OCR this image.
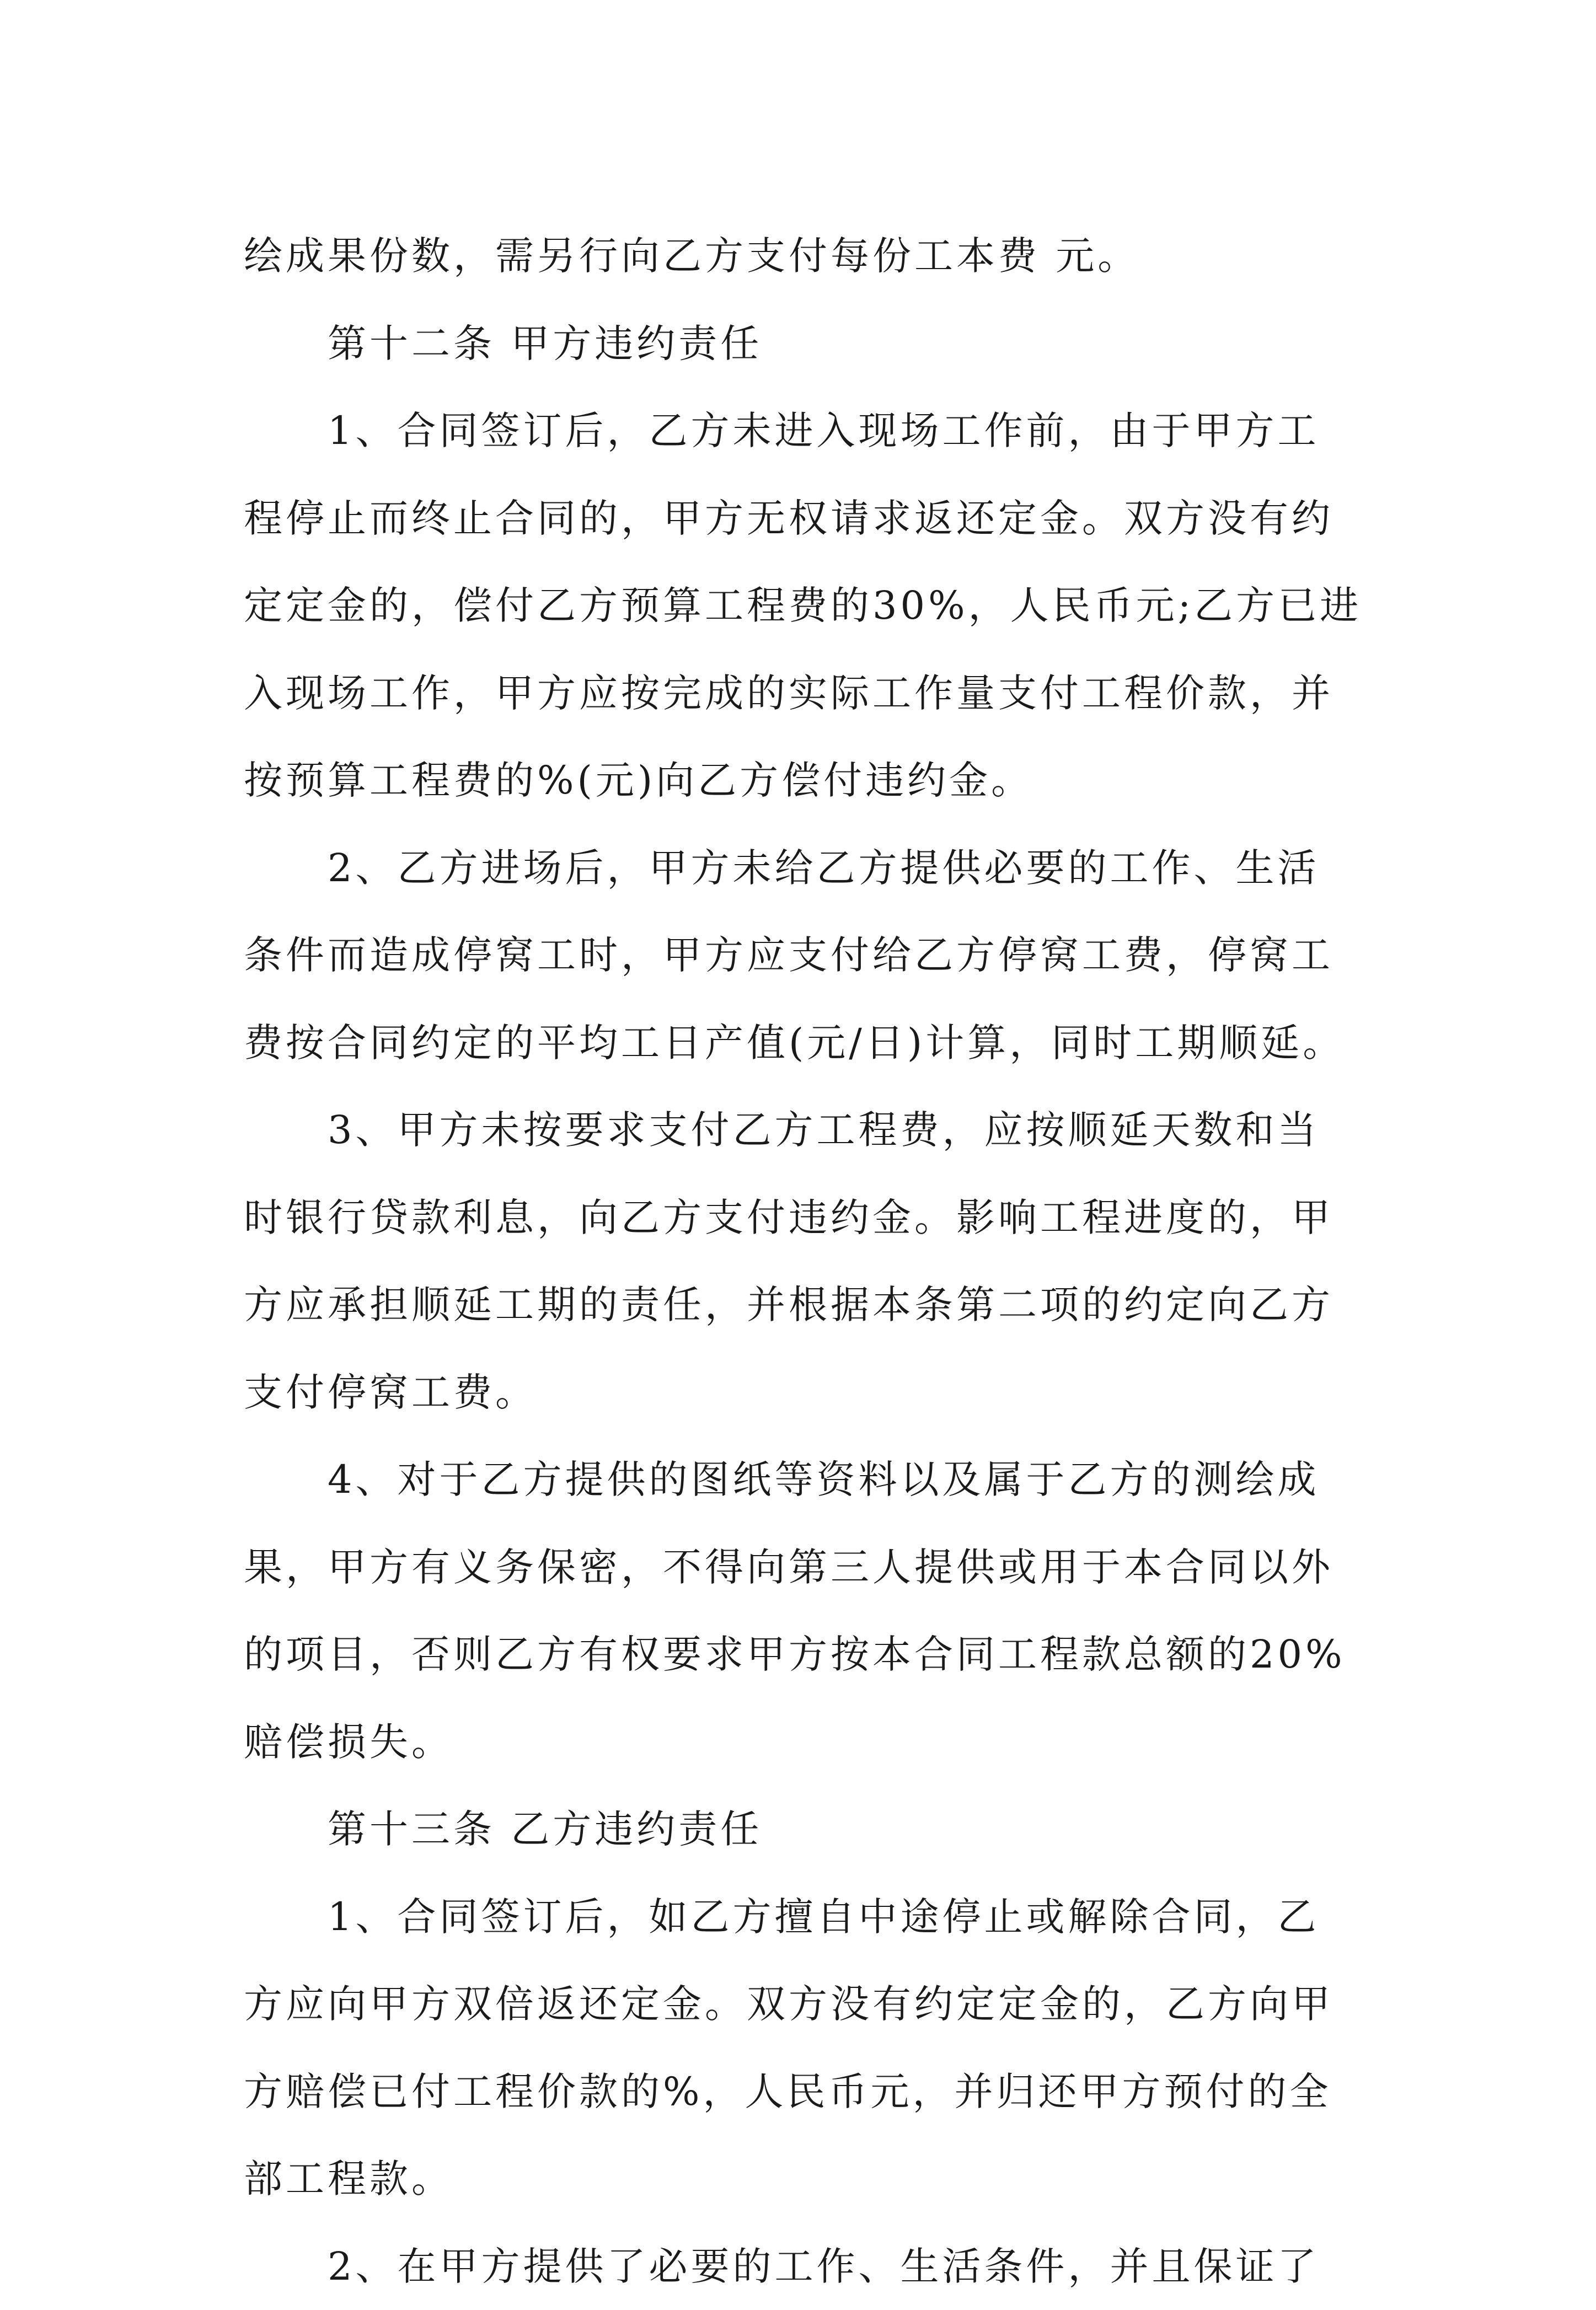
绘成果份数，需另行向乙方支付每份工本费 元。
第十二条 甲方违约责任
1、合同签订后，乙方未进入现场工作前，由于甲方工
程停止而终止合同的，甲方无权请求返还定金。双方没有约
定定金的，偿付乙方预算工程费的30%，人民币元;乙方已进
入现场工作，甲方应按完成的实际工作量支付工程价款，并
按预算工程费的%(元)向乙方偿付违约金。
2、乙方进场后，甲方未给乙方提供必要的工作、生活
条件而造成停窝工时，甲方应支付给乙方停窝工费，停窝工
费按合同约定的平均工日产值(元/日)计算，同时工期顺延。
3、甲方未按要求支付乙方工程费，应按顺延天数和当
时银行贷款利息，向乙方支付违约金。影响工程进度的，甲
方应承担顺延工期的责任，并根据本条第二项的约定向乙方
支付停窝工费。
4、对于乙方提供的图纸等资料以及属于乙方的测绘成
果，甲方有义务保密，不得向第三人提供或用于本合同以外
的项目，否则乙方有权要求甲方按本合同工程款总额的20%
赔偿损失。
第十三条 乙方违约责任
1、合同签订后，如乙方擅自中途停止或解除合同，乙
方应向甲方双倍返还定金。双方没有约定定金的，乙方向甲
方赔偿已付工程价款的%，人民币元，并归还甲方预付的全
部工程款。
2、在甲方提供了必要的工作、生活条件，并且保证了
